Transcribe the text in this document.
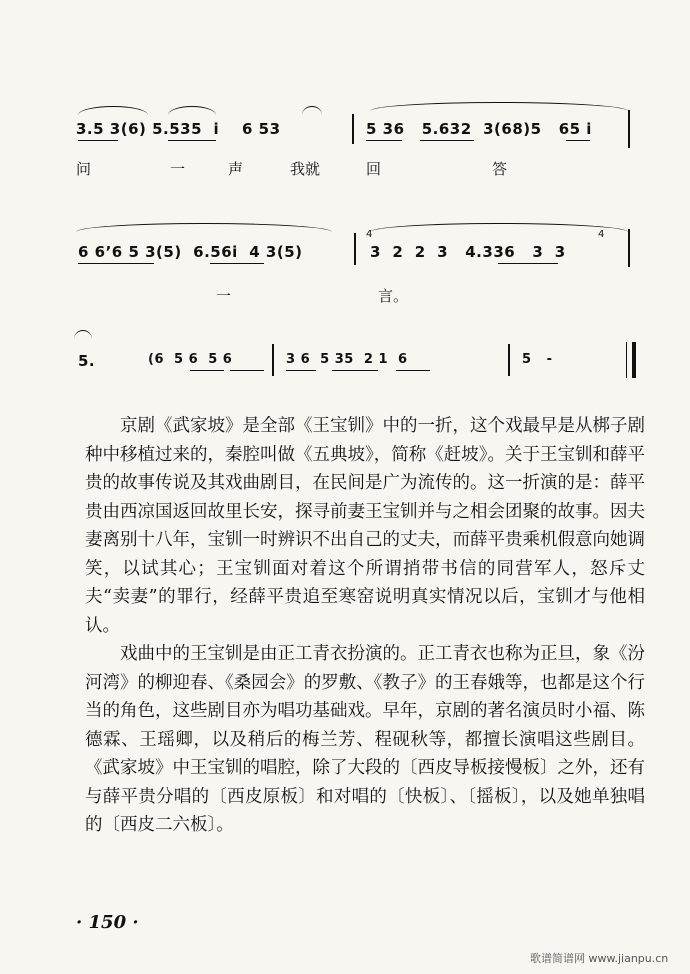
3.5 3(6) 5.535  i    6 53	5 36   5.632  3(68)5   65 i
问	一	声	我就	回	答
4	4
6 6’6 5 3(5)  6.56i  4 3(5)	3  2  2  3   4.336   3  3
一	言。
5.	(6  5 6  5 6	3 6  5 35  2 1  6	5   -

京剧《武家坡》是全部《王宝钏》中的一折，这个戏最早是从梆子剧种中移植过来的，秦腔叫做《五典坡》，简称《赶坡》。关于王宝钏和薛平贵的故事传说及其戏曲剧目，在民间是广为流传的。这一折演的是：薛平贵由西凉国返回故里长安，探寻前妻王宝钏并与之相会团聚的故事。因夫妻离别十八年，宝钏一时辨识不出自己的丈夫，而薛平贵乘机假意向她调笑，以试其心；王宝钏面对着这个所谓捎带书信的同营军人，怒斥丈夫“卖妻”的罪行，经薛平贵追至寒窑说明真实情况以后，宝钏才与他相认。

戏曲中的王宝钏是由正工青衣扮演的。正工青衣也称为正旦，象《汾河湾》的柳迎春、《桑园会》的罗敷、《教子》的王春娥等，也都是这个行当的角色，这些剧目亦为唱功基础戏。早年，京剧的著名演员时小福、陈德霖、王瑶卿，以及稍后的梅兰芳、程砚秋等，都擅长演唱这些剧目。《武家坡》中王宝钏的唱腔，除了大段的〔西皮导板接慢板〕之外，还有与薛平贵分唱的〔西皮原板〕和对唱的〔快板〕、〔摇板〕，以及她单独唱的〔西皮二六板〕。

· 150 ·
歌谱简谱网 www.jianpu.cn
